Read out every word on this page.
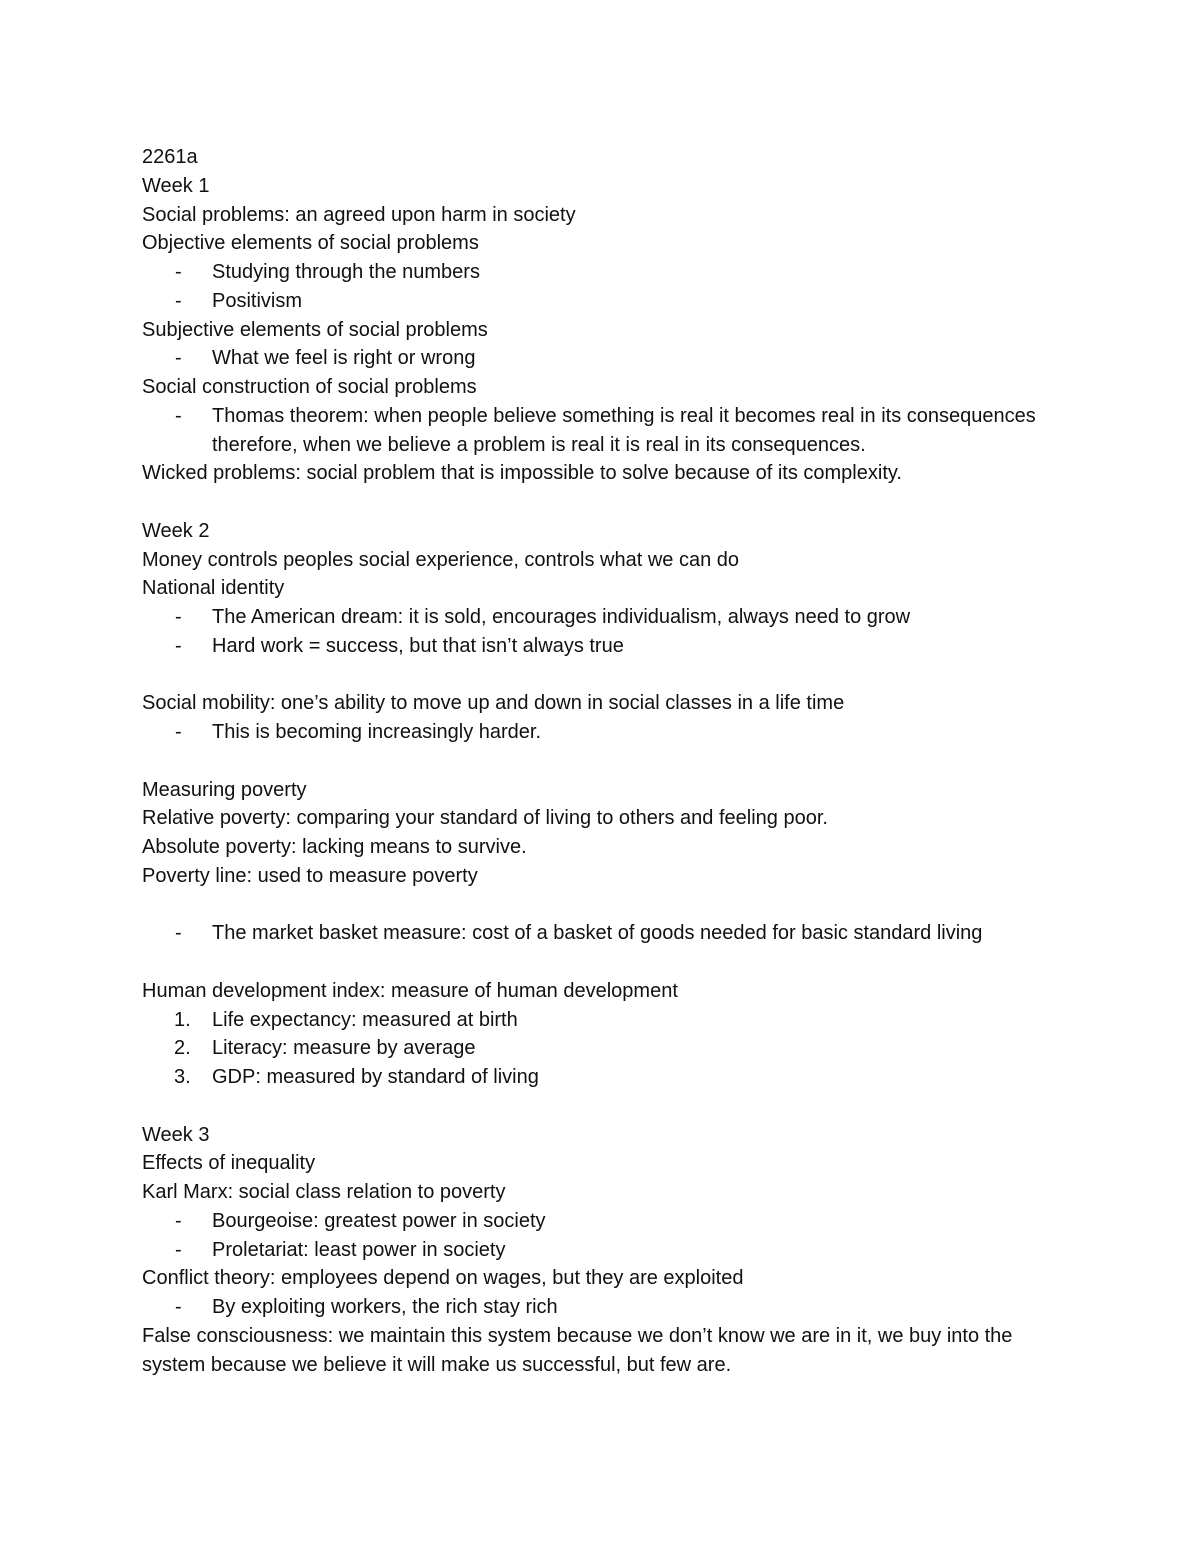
2261a
Week 1
Social problems: an agreed upon harm in society
Objective elements of social problems
- Studying through the numbers
- Positivism
Subjective elements of social problems
- What we feel is right or wrong
Social construction of social problems
- Thomas theorem: when people believe something is real it becomes real in its consequences therefore, when we believe a problem is real it is real in its consequences.
Wicked problems: social problem that is impossible to solve because of its complexity.
Week 2
Money controls peoples social experience, controls what we can do
National identity
- The American dream: it is sold, encourages individualism, always need to grow
- Hard work = success, but that isn’t always true
Social mobility: one’s ability to move up and down in social classes in a life time
- This is becoming increasingly harder.
Measuring poverty
Relative poverty: comparing your standard of living to others and feeling poor.
Absolute poverty: lacking means to survive.
Poverty line: used to measure poverty
- The market basket measure: cost of a basket of goods needed for basic standard living
Human development index: measure of human development
1. Life expectancy: measured at birth
2. Literacy: measure by average
3. GDP: measured by standard of living
Week 3
Effects of inequality
Karl Marx: social class relation to poverty
- Bourgeoise: greatest power in society
- Proletariat: least power in society
Conflict theory: employees depend on wages, but they are exploited
- By exploiting workers, the rich stay rich
False consciousness: we maintain this system because we don’t know we are in it, we buy into the system because we believe it will make us successful, but few are.
